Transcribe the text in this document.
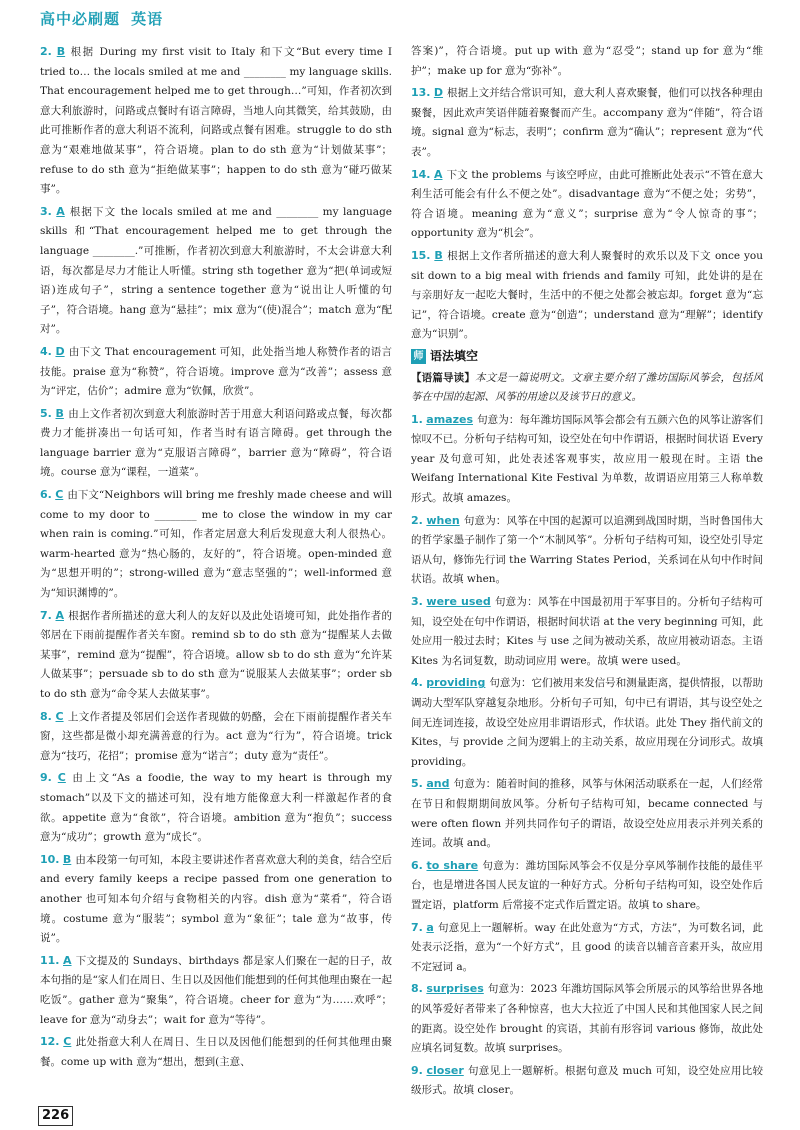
高中必刷题 英语
2. B 根据 During my first visit to Italy 和下文“But every time I tried to… the locals smiled at me and ________ my language skills. That encouragement helped me to get through…”可知，作者初次到意大利旅游时，问路或点餐时有语言障碍，当地人向其微笑，给其鼓励，由此可推断作者的意大利语不流利，问路或点餐有困难。struggle to do sth 意为“艰难地做某事”，符合语境。plan to do sth 意为“计划做某事”；refuse to do sth 意为“拒绝做某事”；happen to do sth 意为“碰巧做某事”。
3. A 根据下文 the locals smiled at me and ________ my language skills 和“That encouragement helped me to get through the language ________.”可推断，作者初次到意大利旅游时，不太会讲意大利语，每次都是尽力才能让人听懂。string sth together 意为“把(单词或短语)连成句子”，string a sentence together 意为“说出让人听懂的句子”，符合语境。hang 意为“悬挂”；mix 意为“(使)混合”；match 意为“配对”。
4. D 由下文 That encouragement 可知，此处指当地人称赞作者的语言技能。praise 意为“称赞”，符合语境。improve 意为“改善”；assess 意为“评定，估价”；admire 意为“钦佩，欣赏”。
5. B 由上文作者初次到意大利旅游时苦于用意大利语问路或点餐，每次都费力才能拼凑出一句话可知，作者当时有语言障碍。get through the language barrier 意为“克服语言障碍”，barrier 意为“障碍”，符合语境。course 意为“课程，一道菜”。
6. C 由下文“Neighbors will bring me freshly made cheese and will come to my door to ________ me to close the window in my car when rain is coming.”可知，作者定居意大利后发现意大利人很热心。warm-hearted 意为“热心肠的，友好的”，符合语境。open-minded 意为“思想开明的”；strong-willed 意为“意志坚强的”；well-informed 意为“知识渊博的”。
7. A 根据作者所描述的意大利人的友好以及此处语境可知，此处指作者的邻居在下雨前提醒作者关车窗。remind sb to do sth 意为“提醒某人去做某事”，remind 意为“提醒”，符合语境。allow sb to do sth 意为“允许某人做某事”；persuade sb to do sth 意为“说服某人去做某事”；order sb to do sth 意为“命令某人去做某事”。
8. C 上文作者提及邻居们会送作者现做的奶酪，会在下雨前提醒作者关车窗，这些都是微小却充满善意的行为。act 意为“行为”，符合语境。trick 意为“技巧，花招”；promise 意为“诺言”；duty 意为“责任”。
9. C 由上文“As a foodie, the way to my heart is through my stomach”以及下文的描述可知，没有地方能像意大利一样激起作者的食欲。appetite 意为“食欲”，符合语境。ambition 意为“抱负”；success 意为“成功”；growth 意为“成长”。
10. B 由本段第一句可知，本段主要讲述作者喜欢意大利的美食，结合空后 and every family keeps a recipe passed from one generation to another 也可知本句介绍与食物相关的内容。dish 意为“菜肴”，符合语境。costume 意为“服装”；symbol 意为“象征”；tale 意为“故事，传说”。
11. A 下文提及的 Sundays、birthdays 都是家人们聚在一起的日子，故本句指的是“家人们在周日、生日以及因他们能想到的任何其他理由聚在一起吃饭”。gather 意为“聚集”，符合语境。cheer for 意为“为……欢呼”；leave for 意为“动身去”；wait for 意为“等待”。
12. C 此处指意大利人在周日、生日以及因他们能想到的任何其他理由聚餐。come up with 意为“想出，想到(主意、
答案)”，符合语境。put up with 意为“忍受”；stand up for 意为“维护”；make up for 意为“弥补”。
13. D 根据上文并结合常识可知，意大利人喜欢聚餐，他们可以找各种理由聚餐，因此欢声笑语伴随着聚餐而产生。accompany 意为“伴随”，符合语境。signal 意为“标志，表明”；confirm 意为“确认”；represent 意为“代表”。
14. A 下文 the problems 与该空呼应，由此可推断此处表示“不管在意大利生活可能会有什么不便之处”。disadvantage 意为“不便之处；劣势”，符合语境。meaning 意为“意义”；surprise 意为“令人惊奇的事”；opportunity 意为“机会”。
15. B 根据上文作者所描述的意大利人聚餐时的欢乐以及下文 once you sit down to a big meal with friends and family 可知，此处讲的是在与亲朋好友一起吃大餐时，生活中的不便之处都会被忘却。forget 意为“忘记”，符合语境。create 意为“创造”；understand 意为“理解”；identify 意为“识别”。
师 语法填空
【语篇导读】本文是一篇说明文。文章主要介绍了潍坊国际风筝会，包括风筝在中国的起源、风筝的用途以及该节日的意义。
1. amazes 句意为：每年潍坊国际风筝会都会有五颜六色的风筝让游客们惊叹不已。分析句子结构可知，设空处在句中作谓语，根据时间状语 Every year 及句意可知，此处表述客观事实，故应用一般现在时。主语 the Weifang International Kite Festival 为单数，故谓语应用第三人称单数形式。故填 amazes。
2. when 句意为：风筝在中国的起源可以追溯到战国时期，当时鲁国伟大的哲学家墨子制作了第一个“木制风筝”。分析句子结构可知，设空处引导定语从句，修饰先行词 the Warring States Period，关系词在从句中作时间状语。故填 when。
3. were used 句意为：风筝在中国最初用于军事目的。分析句子结构可知，设空处在句中作谓语，根据时间状语 at the very beginning 可知，此处应用一般过去时；Kites 与 use 之间为被动关系，故应用被动语态。主语 Kites 为名词复数，助动词应用 were。故填 were used。
4. providing 句意为：它们被用来发信号和测量距离，提供情报，以帮助调动大型军队穿越复杂地形。分析句子可知，句中已有谓语，其与设空处之间无连词连接，故设空处应用非谓语形式，作状语。此处 They 指代前文的 Kites，与 provide 之间为逻辑上的主动关系，故应用现在分词形式。故填 providing。
5. and 句意为：随着时间的推移，风筝与休闲活动联系在一起，人们经常在节日和假期期间放风筝。分析句子结构可知，became connected 与 were often flown 并列共同作句子的谓语，故设空处应用表示并列关系的连词。故填 and。
6. to share 句意为：潍坊国际风筝会不仅是分享风筝制作技能的最佳平台，也是增进各国人民友谊的一种好方式。分析句子结构可知，设空处作后置定语，platform 后常接不定式作后置定语。故填 to share。
7. a 句意见上一题解析。way 在此处意为“方式，方法”，为可数名词，此处表示泛指，意为“一个好方式”，且 good 的读音以辅音音素开头，故应用不定冠词 a。
8. surprises 句意为：2023 年潍坊国际风筝会所展示的风筝给世界各地的风筝爱好者带来了各种惊喜，也大大拉近了中国人民和其他国家人民之间的距离。设空处作 brought 的宾语，其前有形容词 various 修饰，故此处应填名词复数。故填 surprises。
9. closer 句意见上一题解析。根据句意及 much 可知，设空处应用比较级形式。故填 closer。
226
